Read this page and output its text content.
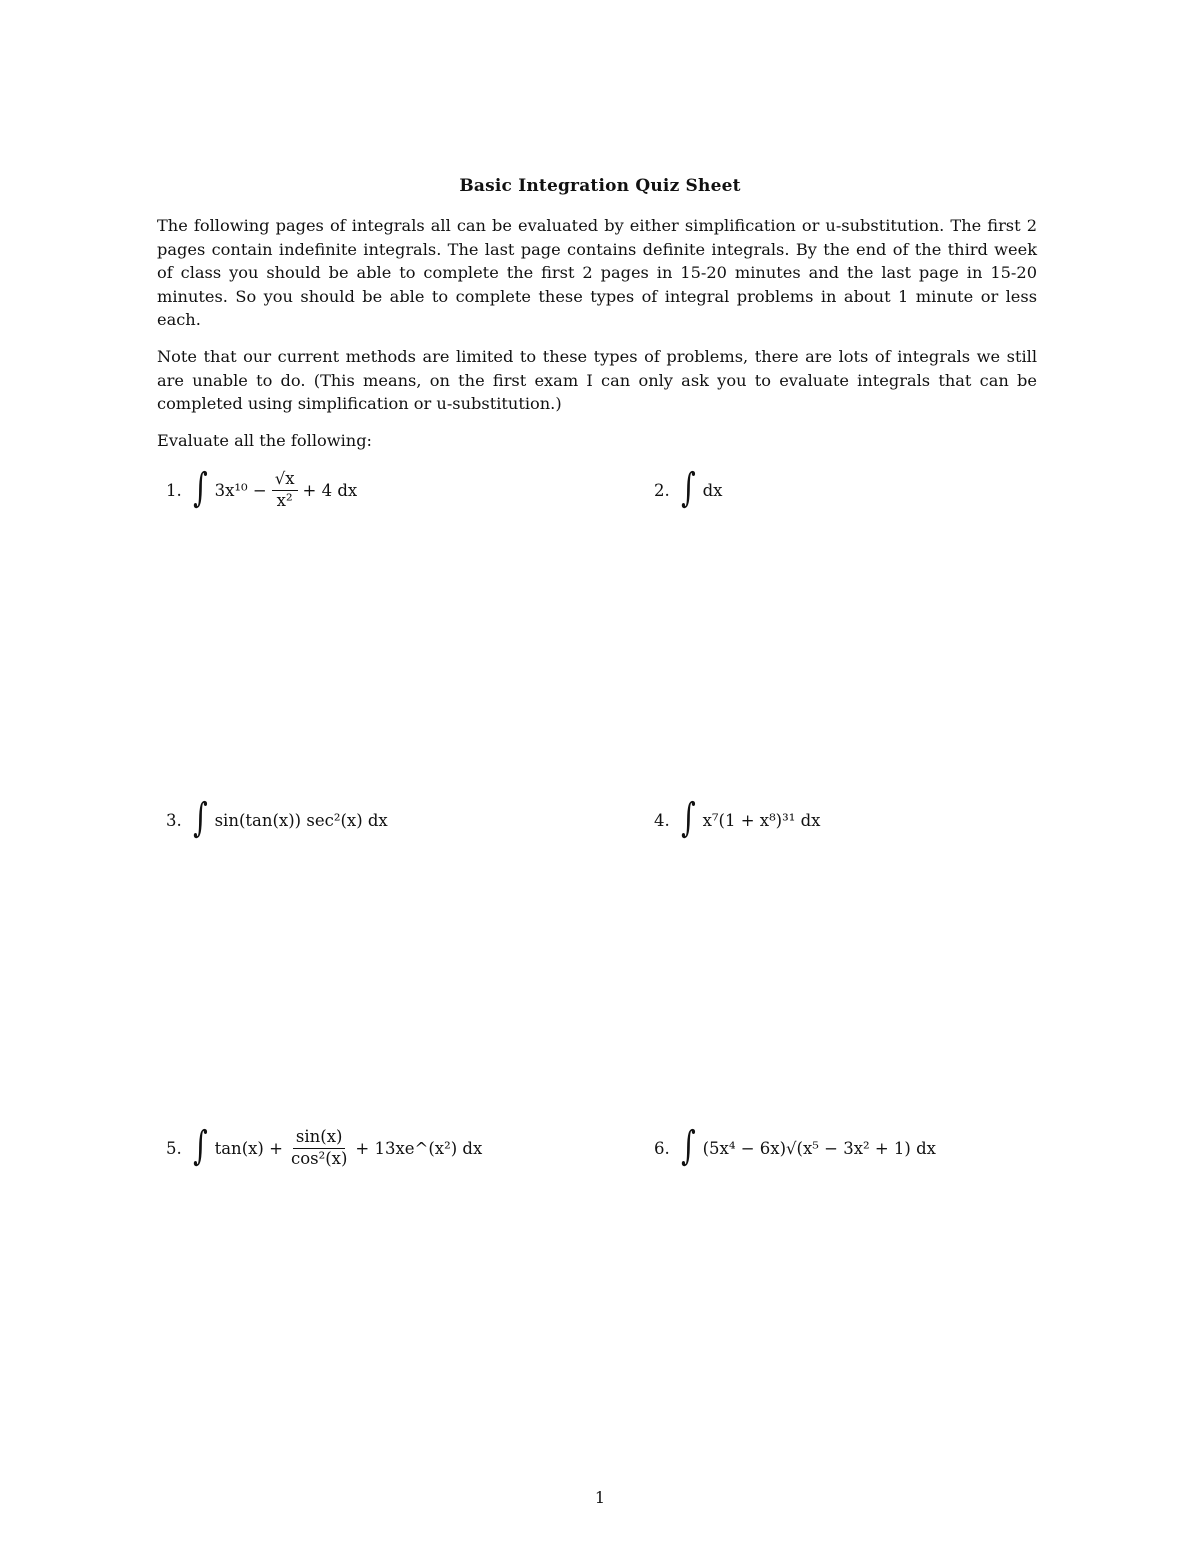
Basic Integration Quiz Sheet
The following pages of integrals all can be evaluated by either simplification or u-substitution. The first 2 pages contain indefinite integrals. The last page contains definite integrals. By the end of the third week of class you should be able to complete the first 2 pages in 15-20 minutes and the last page in 15-20 minutes. So you should be able to complete these types of integral problems in about 1 minute or less each.
Note that our current methods are limited to these types of problems, there are lots of integrals we still are unable to do. (This means, on the first exam I can only ask you to evaluate integrals that can be completed using simplification or u-substitution.)
Evaluate all the following:
1. ∫ $3x^{10} - \frac{√x}{\text{x²}} + 4$ dx	2. ∫ dx
3. ∫ sin(tan(x)) sec²(x) dx	4. ∫ x⁷(1 + x⁸)³¹ dx
5. ∫ $\tan(x) + \frac{\sin(x)}{\text{cos²(x)}}$ + 13xe^(x²) dx	6. ∫ (5x⁴ − 6x)√(x⁵ − 3x² + 1) dx
1
